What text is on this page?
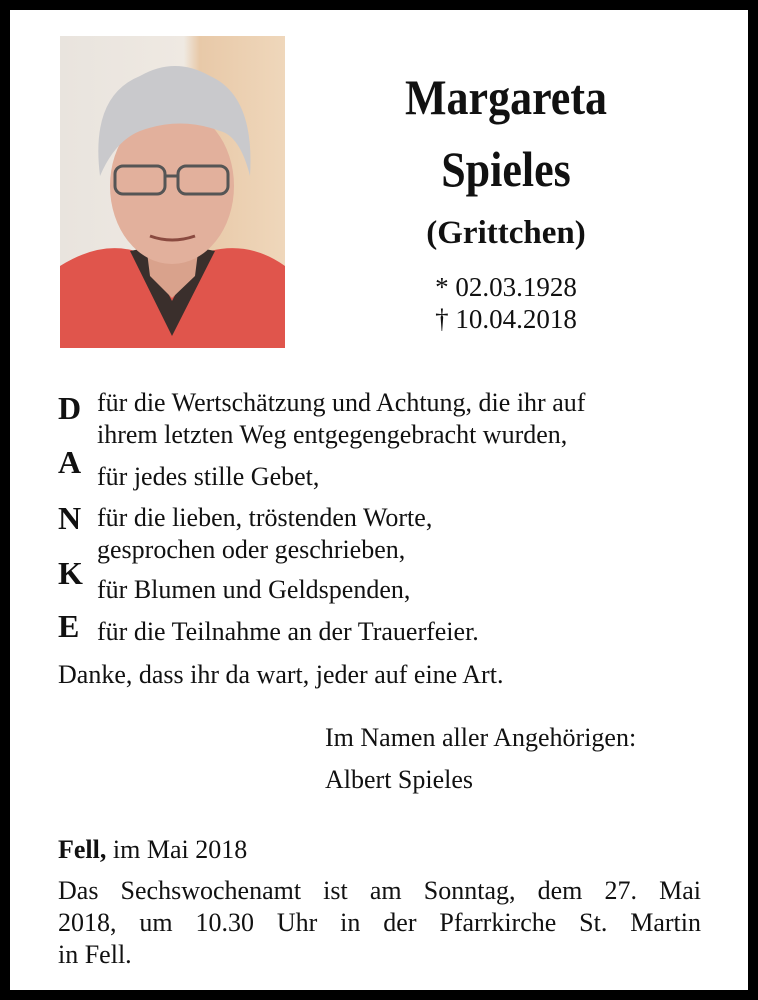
Margareta
Spieles
(Grittchen)
* 02.03.1928
† 10.04.2018
D
A
N
K
E
für die Wertschätzung und Achtung, die ihr auf
ihrem letzten Weg entgegengebracht wurden,
für jedes stille Gebet,
für die lieben, tröstenden Worte,
gesprochen oder geschrieben,
für Blumen und Geldspenden,
für die Teilnahme an der Trauerfeier.
Danke, dass ihr da wart, jeder auf eine Art.
Im Namen aller Angehörigen:
Albert Spieles
Fell, im Mai 2018
Das Sechswochenamt ist am Sonntag, dem 27. Mai
2018, um 10.30 Uhr in der Pfarrkirche St. Martin
in Fell.
